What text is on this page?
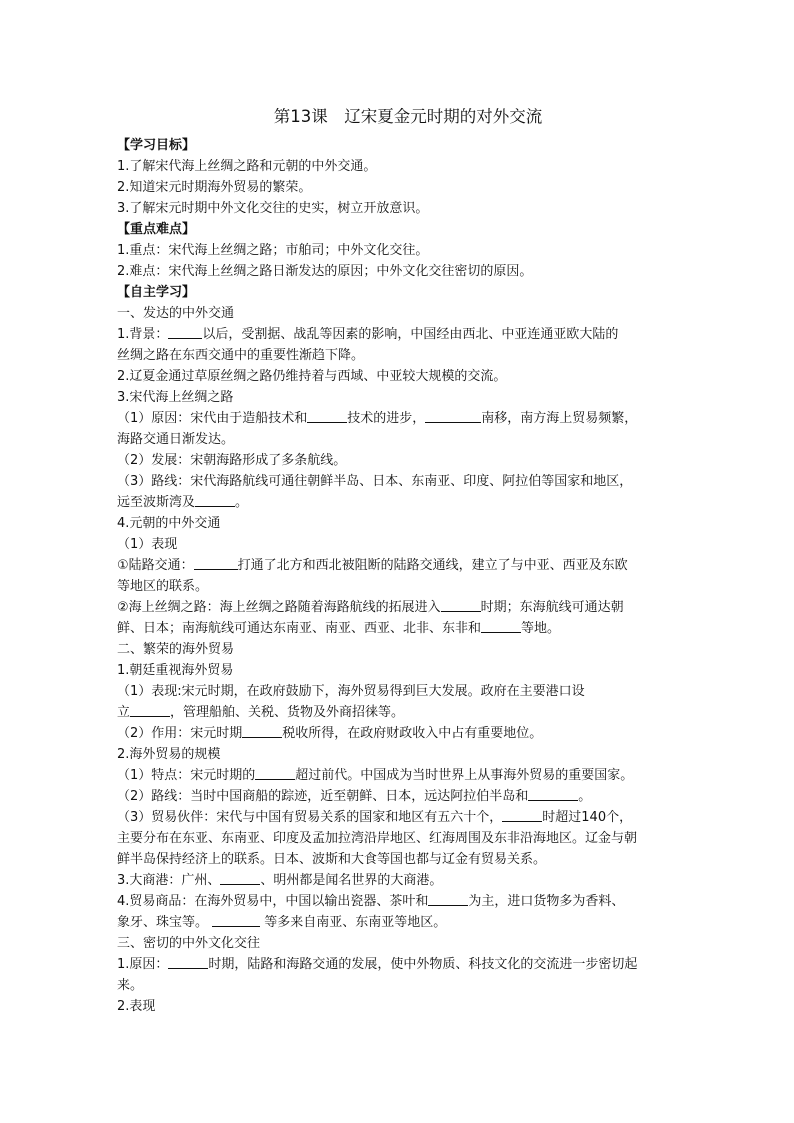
第13课　辽宋夏金元时期的对外交流
【学习目标】
1.了解宋代海上丝绸之路和元朝的中外交通。
2.知道宋元时期海外贸易的繁荣。
3.了解宋元时期中外文化交往的史实，树立开放意识。
【重点难点】
1.重点：宋代海上丝绸之路；市舶司；中外文化交往。
2.难点：宋代海上丝绸之路日渐发达的原因；中外文化交往密切的原因。
【自主学习】
一、发达的中外交通
1.背景：	以后，受割据、战乱等因素的影响，中国经由西北、中亚连通亚欧大陆的
丝绸之路在东西交通中的重要性渐趋下降。
2.辽夏金通过草原丝绸之路仍维持着与西域、中亚较大规模的交流。
3.宋代海上丝绸之路
（1）原因：宋代由于造船技术和	技术的进步，	南移，南方海上贸易频繁，
海路交通日渐发达。
（2）发展：宋朝海路形成了多条航线。
（3）路线：宋代海路航线可通往朝鲜半岛、日本、东南亚、印度、阿拉伯等国家和地区，
远至波斯湾及	。
4.元朝的中外交通
（1）表现
①陆路交通：	打通了北方和西北被阻断的陆路交通线，建立了与中亚、西亚及东欧
等地区的联系。
②海上丝绸之路：海上丝绸之路随着海路航线的拓展进入	时期；东海航线可通达朝
鲜、日本；南海航线可通达东南亚、南亚、西亚、北非、东非和	等地。
二、繁荣的海外贸易
1.朝廷重视海外贸易
（1）表现:宋元时期，在政府鼓励下，海外贸易得到巨大发展。政府在主要港口设
立	，管理船舶、关税、货物及外商招徕等。
（2）作用：宋元时期	税收所得，在政府财政收入中占有重要地位。
2.海外贸易的规模
（1）特点：宋元时期的	超过前代。中国成为当时世界上从事海外贸易的重要国家。
（2）路线：当时中国商船的踪迹，近至朝鲜、日本，远达阿拉伯半岛和	。
（3）贸易伙伴：宋代与中国有贸易关系的国家和地区有五六十个，	时超过140个，
主要分布在东亚、东南亚、印度及孟加拉湾沿岸地区、红海周围及东非沿海地区。辽金与朝
鲜半岛保持经济上的联系。日本、波斯和大食等国也都与辽金有贸易关系。
3.大商港：广州、	、明州都是闻名世界的大商港。
4.贸易商品：在海外贸易中，中国以输出瓷器、茶叶和	为主，进口货物多为香料、
象牙、珠宝等。	等多来自南亚、东南亚等地区。
三、密切的中外文化交往
1.原因：	时期，陆路和海路交通的发展，使中外物质、科技文化的交流进一步密切起
来。
2.表现
